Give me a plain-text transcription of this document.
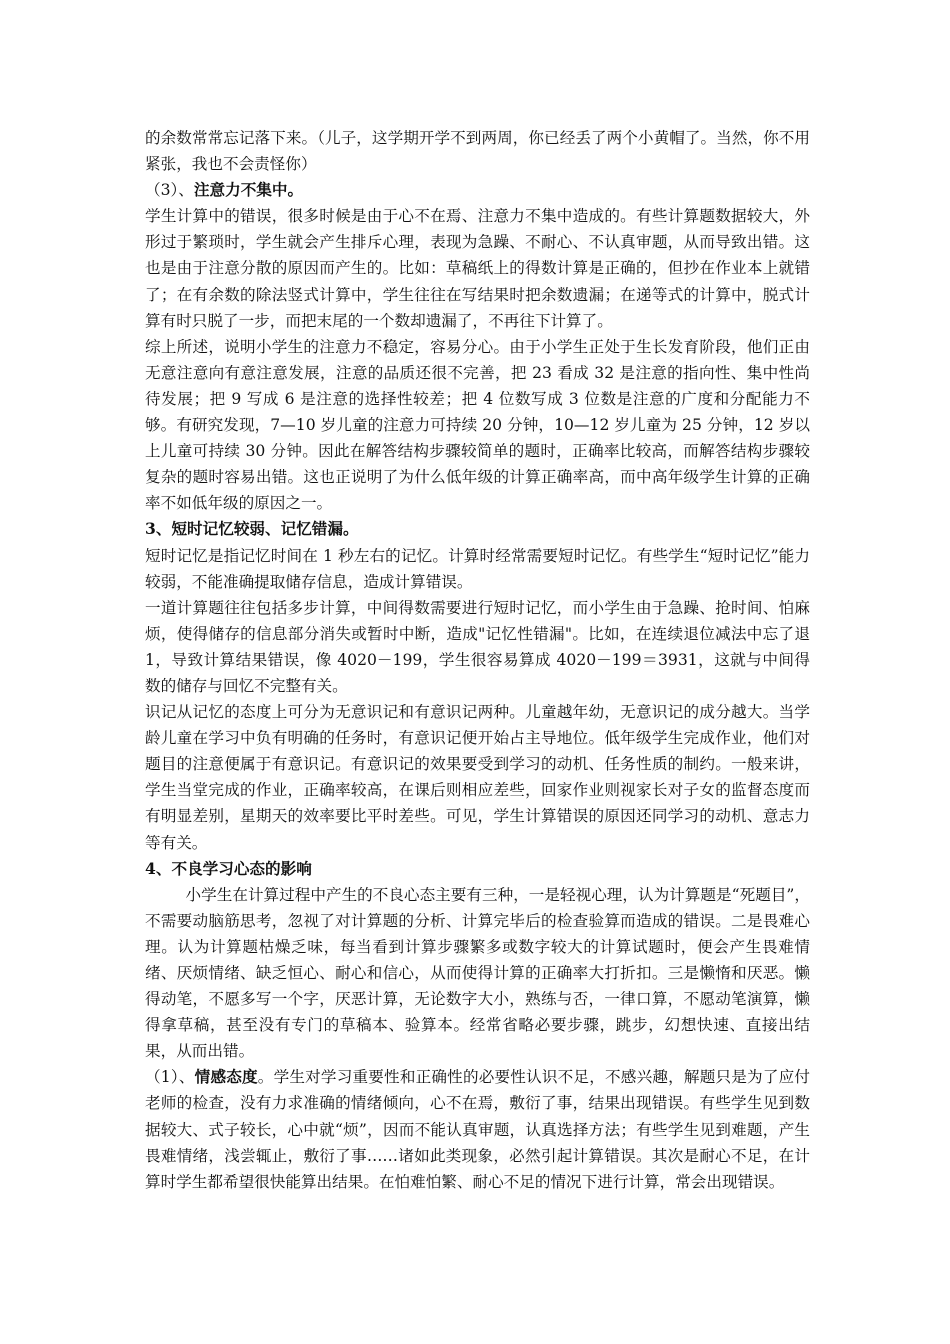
的余数常常忘记落下来。（儿子，这学期开学不到两周，你已经丢了两个小黄帽了。当然，你不用紧张，我也不会责怪你）

（3）、注意力不集中。

学生计算中的错误，很多时候是由于心不在焉、注意力不集中造成的。有些计算题数据较大，外形过于繁琐时，学生就会产生排斥心理，表现为急躁、不耐心、不认真审题，从而导致出错。这也是由于注意分散的原因而产生的。比如：草稿纸上的得数计算是正确的，但抄在作业本上就错了；在有余数的除法竖式计算中，学生往往在写结果时把余数遗漏；在递等式的计算中，脱式计算有时只脱了一步，而把末尾的一个数却遗漏了，不再往下计算了。

综上所述，说明小学生的注意力不稳定，容易分心。由于小学生正处于生长发育阶段，他们正由无意注意向有意注意发展，注意的品质还很不完善，把 23 看成 32 是注意的指向性、集中性尚待发展；把 9 写成 6 是注意的选择性较差；把 4 位数写成 3 位数是注意的广度和分配能力不够。有研究发现，7—10 岁儿童的注意力可持续 20 分钟，10—12 岁儿童为 25 分钟，12 岁以上儿童可持续 30 分钟。因此在解答结构步骤较简单的题时，正确率比较高，而解答结构步骤较复杂的题时容易出错。这也正说明了为什么低年级的计算正确率高，而中高年级学生计算的正确率不如低年级的原因之一。

3、短时记忆较弱、记忆错漏。

短时记忆是指记忆时间在 1 秒左右的记忆。计算时经常需要短时记忆。有些学生“短时记忆”能力较弱，不能准确提取储存信息，造成计算错误。

一道计算题往往包括多步计算，中间得数需要进行短时记忆，而小学生由于急躁、抢时间、怕麻烦，使得储存的信息部分消失或暂时中断，造成"记忆性错漏"。比如，在连续退位减法中忘了退 1，导致计算结果错误，像 4020－199，学生很容易算成 4020－199＝3931，这就与中间得数的储存与回忆不完整有关。

识记从记忆的态度上可分为无意识记和有意识记两种。儿童越年幼，无意识记的成分越大。当学龄儿童在学习中负有明确的任务时，有意识记便开始占主导地位。低年级学生完成作业，他们对题目的注意便属于有意识记。有意识记的效果要受到学习的动机、任务性质的制约。一般来讲，学生当堂完成的作业，正确率较高，在课后则相应差些，回家作业则视家长对子女的监督态度而有明显差别，星期天的效率要比平时差些。可见，学生计算错误的原因还同学习的动机、意志力等有关。

4、不良学习心态的影响

小学生在计算过程中产生的不良心态主要有三种，一是轻视心理，认为计算题是“死题目”，不需要动脑筋思考，忽视了对计算题的分析、计算完毕后的检查验算而造成的错误。二是畏难心理。认为计算题枯燥乏味，每当看到计算步骤繁多或数字较大的计算试题时，便会产生畏难情绪、厌烦情绪、缺乏恒心、耐心和信心，从而使得计算的正确率大打折扣。三是懒惰和厌恶。懒得动笔，不愿多写一个字，厌恶计算，无论数字大小，熟练与否，一律口算，不愿动笔演算，懒得拿草稿，甚至没有专门的草稿本、验算本。经常省略必要步骤，跳步，幻想快速、直接出结果，从而出错。

（1）、情感态度。学生对学习重要性和正确性的必要性认识不足，不感兴趣，解题只是为了应付老师的检查，没有力求准确的情绪倾向，心不在焉，敷衍了事，结果出现错误。有些学生见到数据较大、式子较长，心中就“烦”，因而不能认真审题，认真选择方法；有些学生见到难题，产生畏难情绪，浅尝辄止，敷衍了事……诸如此类现象，必然引起计算错误。其次是耐心不足，在计算时学生都希望很快能算出结果。在怕难怕繁、耐心不足的情况下进行计算，常会出现错误。
